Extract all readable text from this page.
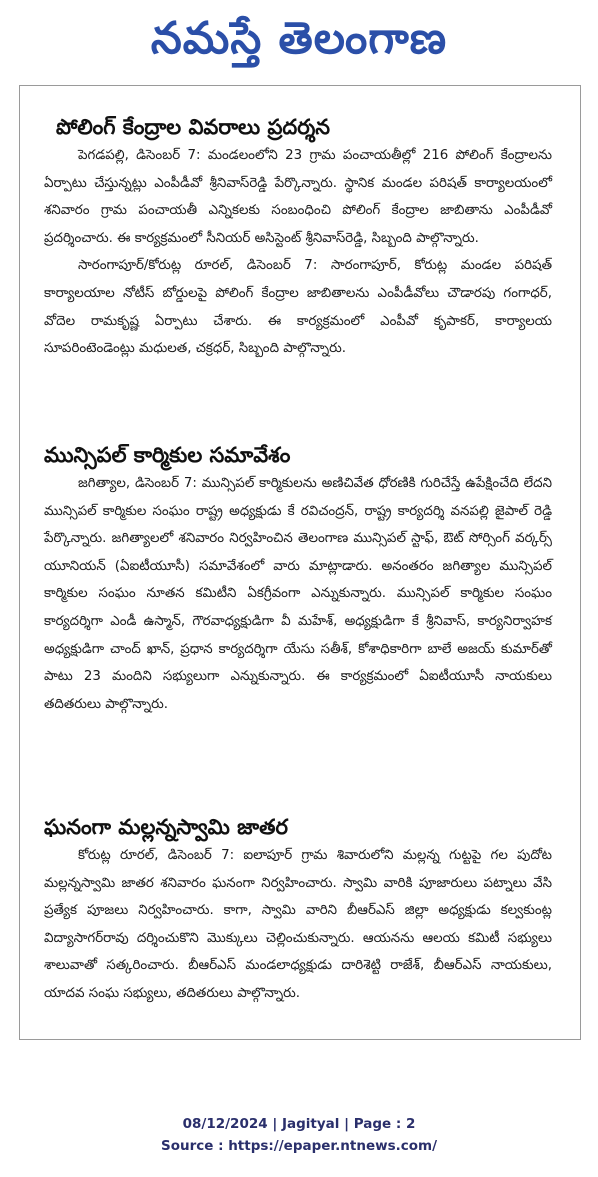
నమస్తే తెలంగాణ
పోలింగ్ కేంద్రాల వివరాలు ప్రదర్శన

పెగడపల్లి, డిసెంబర్ 7: మండలంలోని 23 గ్రామ పంచాయతీల్లో 216 పోలింగ్ కేంద్రాలను ఏర్పాటు చేస్తున్నట్లు ఎంపీడీవో శ్రీనివాస్‌రెడ్డి పేర్కొన్నారు. స్థానిక మండల పరిషత్ కార్యాలయంలో శనివారం గ్రామ పంచాయతీ ఎన్నికలకు సంబంధించి పోలింగ్ కేంద్రాల జాబితాను ఎంపీడీవో ప్రదర్శించారు. ఈ కార్యక్రమంలో సీనియర్ అసిస్టెంట్ శ్రీనివాస్‌రెడ్డి, సిబ్బంది పాల్గొన్నారు.

సారంగాపూర్/కోరుట్ల రూరల్, డిసెంబర్ 7: సారంగాపూర్, కోరుట్ల మండల పరిషత్ కార్యాలయాల నోటీస్ బోర్డులపై పోలింగ్ కేంద్రాల జాబితాలను ఎంపీడీవోలు చౌడారపు గంగాధర్, వోదెల రామకృష్ణ ఏర్పాటు చేశారు. ఈ కార్యక్రమంలో ఎంపీవో కృపాకర్, కార్యాలయ సూపరింటెండెంట్లు మధులత, చక్రధర్, సిబ్బంది పాల్గొన్నారు.

మున్సిపల్ కార్మికుల సమావేశం

జగిత్యాల, డిసెంబర్ 7: మున్సిపల్ కార్మికులను అణిచివేత ధోరణికి గురిచేస్తే ఉపేక్షించేది లేదని మున్సిపల్ కార్మికుల సంఘం రాష్ట్ర అధ్యక్షుడు కే రవిచంద్రన్, రాష్ట్ర కార్యదర్శి వనపల్లి జైపాల్ రెడ్డి పేర్కొన్నారు. జగిత్యాలలో శనివారం నిర్వహించిన తెలంగాణ మున్సిపల్ స్టాఫ్, ఔట్ సోర్సింగ్ వర్కర్స్ యూనియన్ (ఏఐటీయూసీ) సమావేశంలో వారు మాట్లాడారు. అనంతరం జగిత్యాల మున్సిపల్ కార్మికుల సంఘం నూతన కమిటీని ఏకగ్రీవంగా ఎన్నుకున్నారు. మున్సిపల్ కార్మికుల సంఘం కార్యదర్శిగా ఎండీ ఉస్మాన్, గౌరవాధ్యక్షుడిగా వీ మహేశ్, అధ్యక్షుడిగా కే శ్రీనివాస్, కార్యనిర్వాహక అధ్యక్షుడిగా చాంద్ ఖాన్, ప్రధాన కార్యదర్శిగా యేసు సతీశ్, కోశాధికారిగా బాలే అజయ్ కుమార్‌తో పాటు 23 మందిని సభ్యులుగా ఎన్నుకున్నారు. ఈ కార్యక్రమంలో ఏఐటీయూసీ నాయకులు తదితరులు పాల్గొన్నారు.

ఘనంగా మల్లన్నస్వామి జాతర

కోరుట్ల రూరల్, డిసెంబర్ 7: ఐలాపూర్ గ్రామ శివారులోని మల్లన్న గుట్టపై గల పుదోట మల్లన్నస్వామి జాతర శనివారం ఘనంగా నిర్వహించారు. స్వామి వారికి పూజారులు పట్నాలు వేసి ప్రత్యేక పూజలు నిర్వహించారు. కాగా, స్వామి వారిని బీఆర్‌ఎస్ జిల్లా అధ్యక్షుడు కల్వకుంట్ల విద్యాసాగర్‌రావు దర్శించుకొని మొక్కులు చెల్లించుకున్నారు. ఆయనను ఆలయ కమిటీ సభ్యులు శాలువాతో సత్కరించారు. బీఆర్‌ఎస్ మండలాధ్యక్షుడు దారిశెట్టి రాజేశ్, బీఆర్‌ఎస్ నాయకులు, యాదవ సంఘ సభ్యులు, తదితరులు పాల్గొన్నారు.

08/12/2024 | Jagityal | Page : 2
Source : https://epaper.ntnews.com/
